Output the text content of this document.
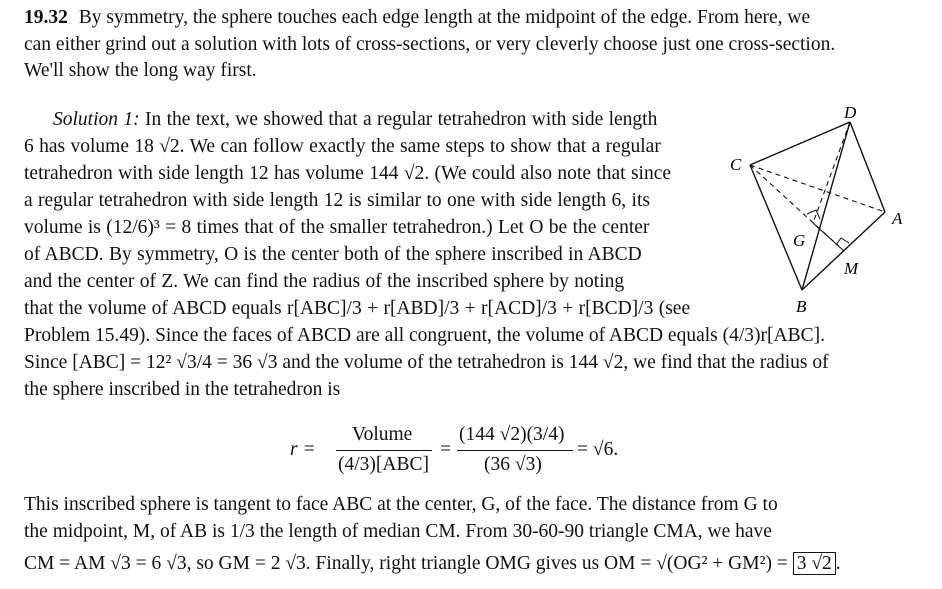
19.32 By symmetry, the sphere touches each edge length at the midpoint of the edge. From here, we
can either grind out a solution with lots of cross-sections, or very cleverly choose just one cross-section.
We'll show the long way first.
Solution 1: In the text, we showed that a regular tetrahedron with side length
6 has volume 18 √2. We can follow exactly the same steps to show that a regular
tetrahedron with side length 12 has volume 144 √2. (We could also note that since
a regular tetrahedron with side length 12 is similar to one with side length 6, its
volume is (12/6)³ = 8 times that of the smaller tetrahedron.) Let O be the center
of ABCD. By symmetry, O is the center both of the sphere inscribed in ABCD
and the center of Z. We can find the radius of the inscribed sphere by noting
that the volume of ABCD equals r[ABC]/3 + r[ABD]/3 + r[ACD]/3 + r[BCD]/3 (see
Problem 15.49). Since the faces of ABCD are all congruent, the volume of ABCD equals (4/3)r[ABC].
Since [ABC] = 12² √3/4 = 36 √3 and the volume of the tetrahedron is 144 √2, we find that the radius of
the sphere inscribed in the tetrahedron is
r =
Volume
(4/3)[ABC]
=
(144 √2)(3/4)
(36 √3)
= √6.
This inscribed sphere is tangent to face ABC at the center, G, of the face. The distance from G to
the midpoint, M, of AB is 1/3 the length of median CM. From 30-60-90 triangle CMA, we have
CM = AM √3 = 6 √3, so GM = 2 √3. Finally, right triangle OMG gives us OM = √(OG² + GM²) = 3 √2 .
D
C
A
G
M
B
